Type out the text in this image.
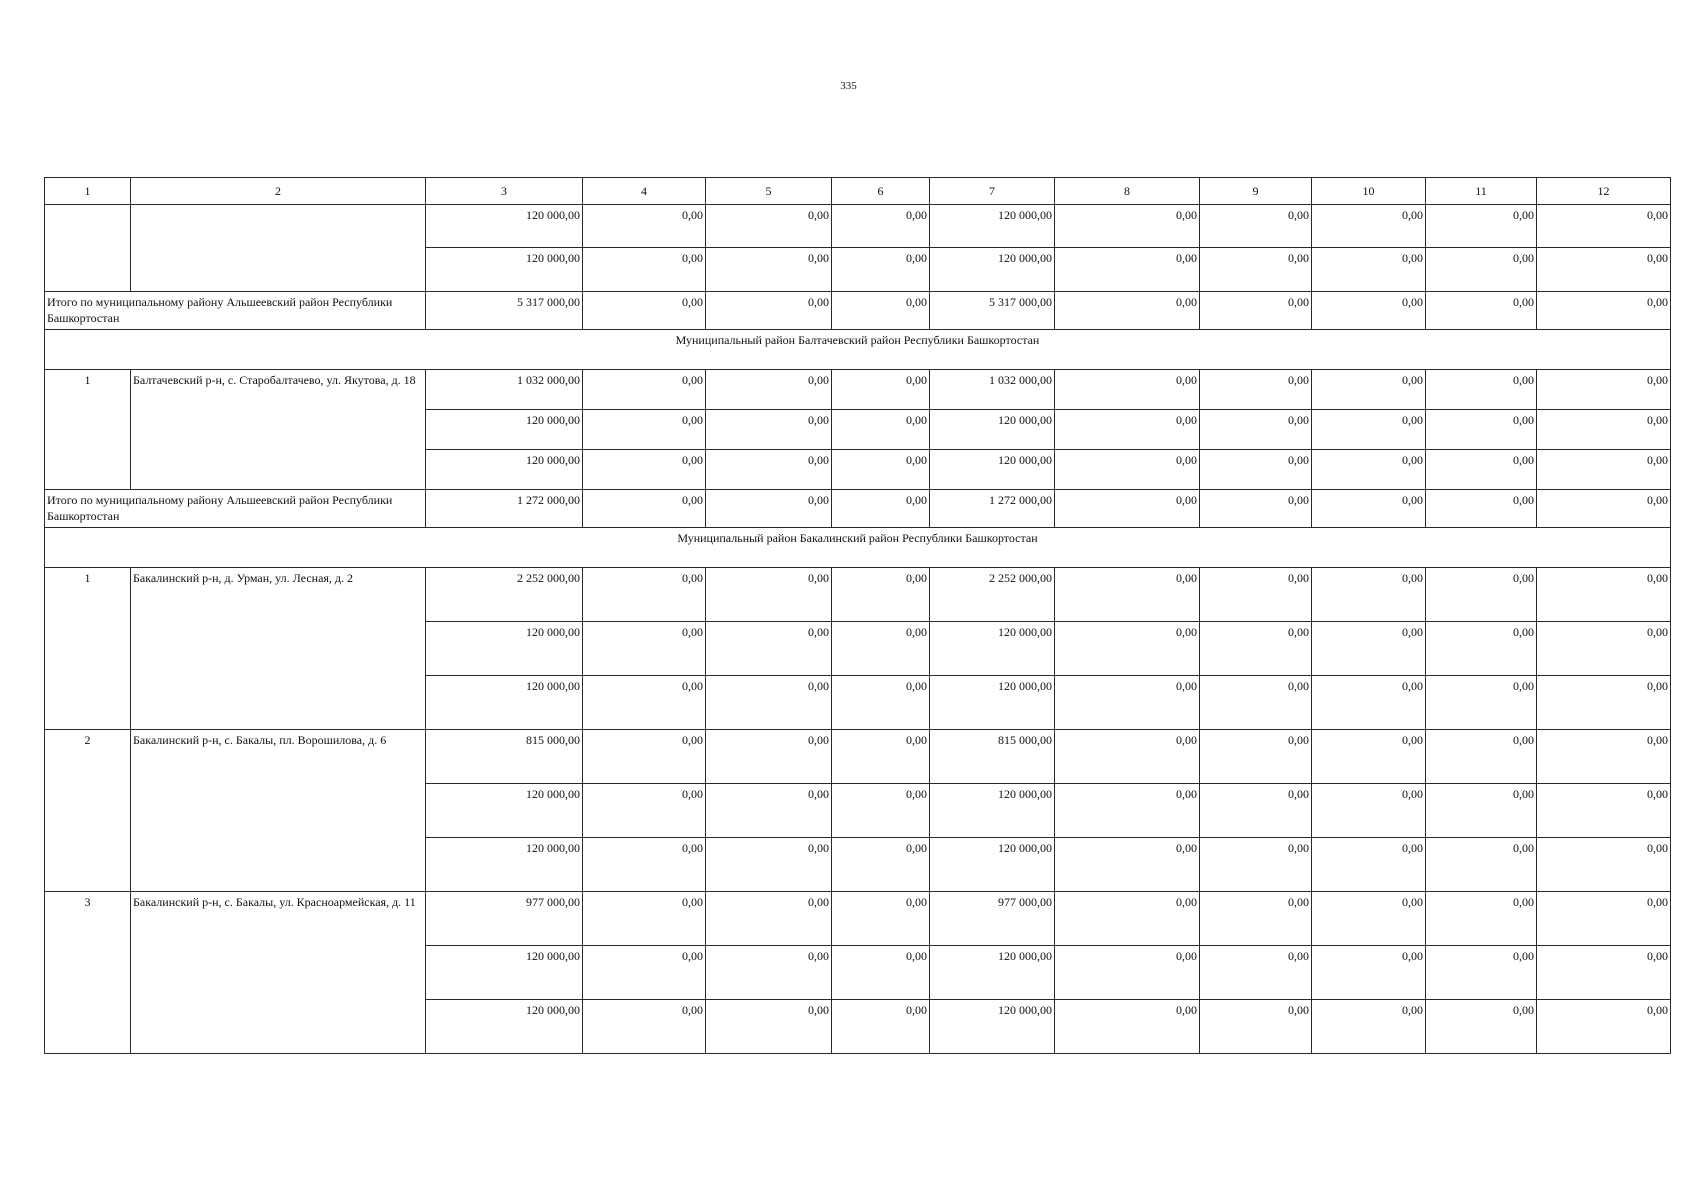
335
1	2	3	4	5	6	7	8	9	10	11	12
		120 000,00	0,00	0,00	0,00	120 000,00	0,00	0,00	0,00	0,00	0,00
		120 000,00	0,00	0,00	0,00	120 000,00	0,00	0,00	0,00	0,00	0,00
Итого по муниципальному району Альшеевский район Республики Башкортостан		5 317 000,00	0,00	0,00	0,00	5 317 000,00	0,00	0,00	0,00	0,00	0,00
Муниципальный район Балтачевский район Республики Башкортостан											
1	Балтачевский р-н, с. Старобалтачево, ул. Якутова, д. 18	1 032 000,00	0,00	0,00	0,00	1 032 000,00	0,00	0,00	0,00	0,00	0,00
		120 000,00	0,00	0,00	0,00	120 000,00	0,00	0,00	0,00	0,00	0,00
		120 000,00	0,00	0,00	0,00	120 000,00	0,00	0,00	0,00	0,00	0,00
Итого по муниципальному району Альшеевский район Республики Башкортостан		1 272 000,00	0,00	0,00	0,00	1 272 000,00	0,00	0,00	0,00	0,00	0,00
Муниципальный район Бакалинский район Республики Башкортостан											
1	Бакалинский р-н, д. Урман, ул. Лесная, д. 2	2 252 000,00	0,00	0,00	0,00	2 252 000,00	0,00	0,00	0,00	0,00	0,00
		120 000,00	0,00	0,00	0,00	120 000,00	0,00	0,00	0,00	0,00	0,00
		120 000,00	0,00	0,00	0,00	120 000,00	0,00	0,00	0,00	0,00	0,00
2	Бакалинский р-н, с. Бакалы, пл. Ворошилова, д. 6	815 000,00	0,00	0,00	0,00	815 000,00	0,00	0,00	0,00	0,00	0,00
		120 000,00	0,00	0,00	0,00	120 000,00	0,00	0,00	0,00	0,00	0,00
		120 000,00	0,00	0,00	0,00	120 000,00	0,00	0,00	0,00	0,00	0,00
3	Бакалинский р-н, с. Бакалы, ул. Красноармейская, д. 11	977 000,00	0,00	0,00	0,00	977 000,00	0,00	0,00	0,00	0,00	0,00
		120 000,00	0,00	0,00	0,00	120 000,00	0,00	0,00	0,00	0,00	0,00
		120 000,00	0,00	0,00	0,00	120 000,00	0,00	0,00	0,00	0,00	0,00
